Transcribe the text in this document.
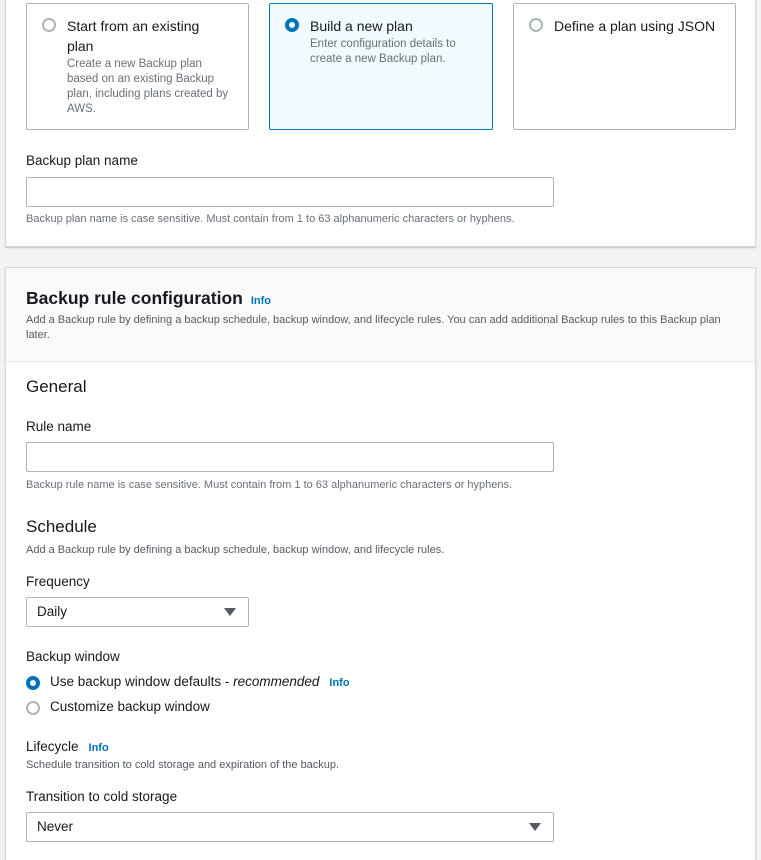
Start from an existing
plan
Create a new Backup plan based on an existing Backup plan, including plans created by AWS.
Build a new plan
Enter configuration details to create a new Backup plan.
Define a plan using JSON
Backup plan name
Backup plan name is case sensitive. Must contain from 1 to 63 alphanumeric characters or hyphens.
Backup rule configuration Info
Add a Backup rule by defining a backup schedule, backup window, and lifecycle rules. You can add additional Backup rules to this Backup plan later.
General
Rule name
Backup rule name is case sensitive. Must contain from 1 to 63 alphanumeric characters or hyphens.
Schedule
Add a Backup rule by defining a backup schedule, backup window, and lifecycle rules.
Frequency
Daily
Backup window
Use backup window defaults - recommended Info
Customize backup window
Lifecycle Info
Schedule transition to cold storage and expiration of the backup.
Transition to cold storage
Never
